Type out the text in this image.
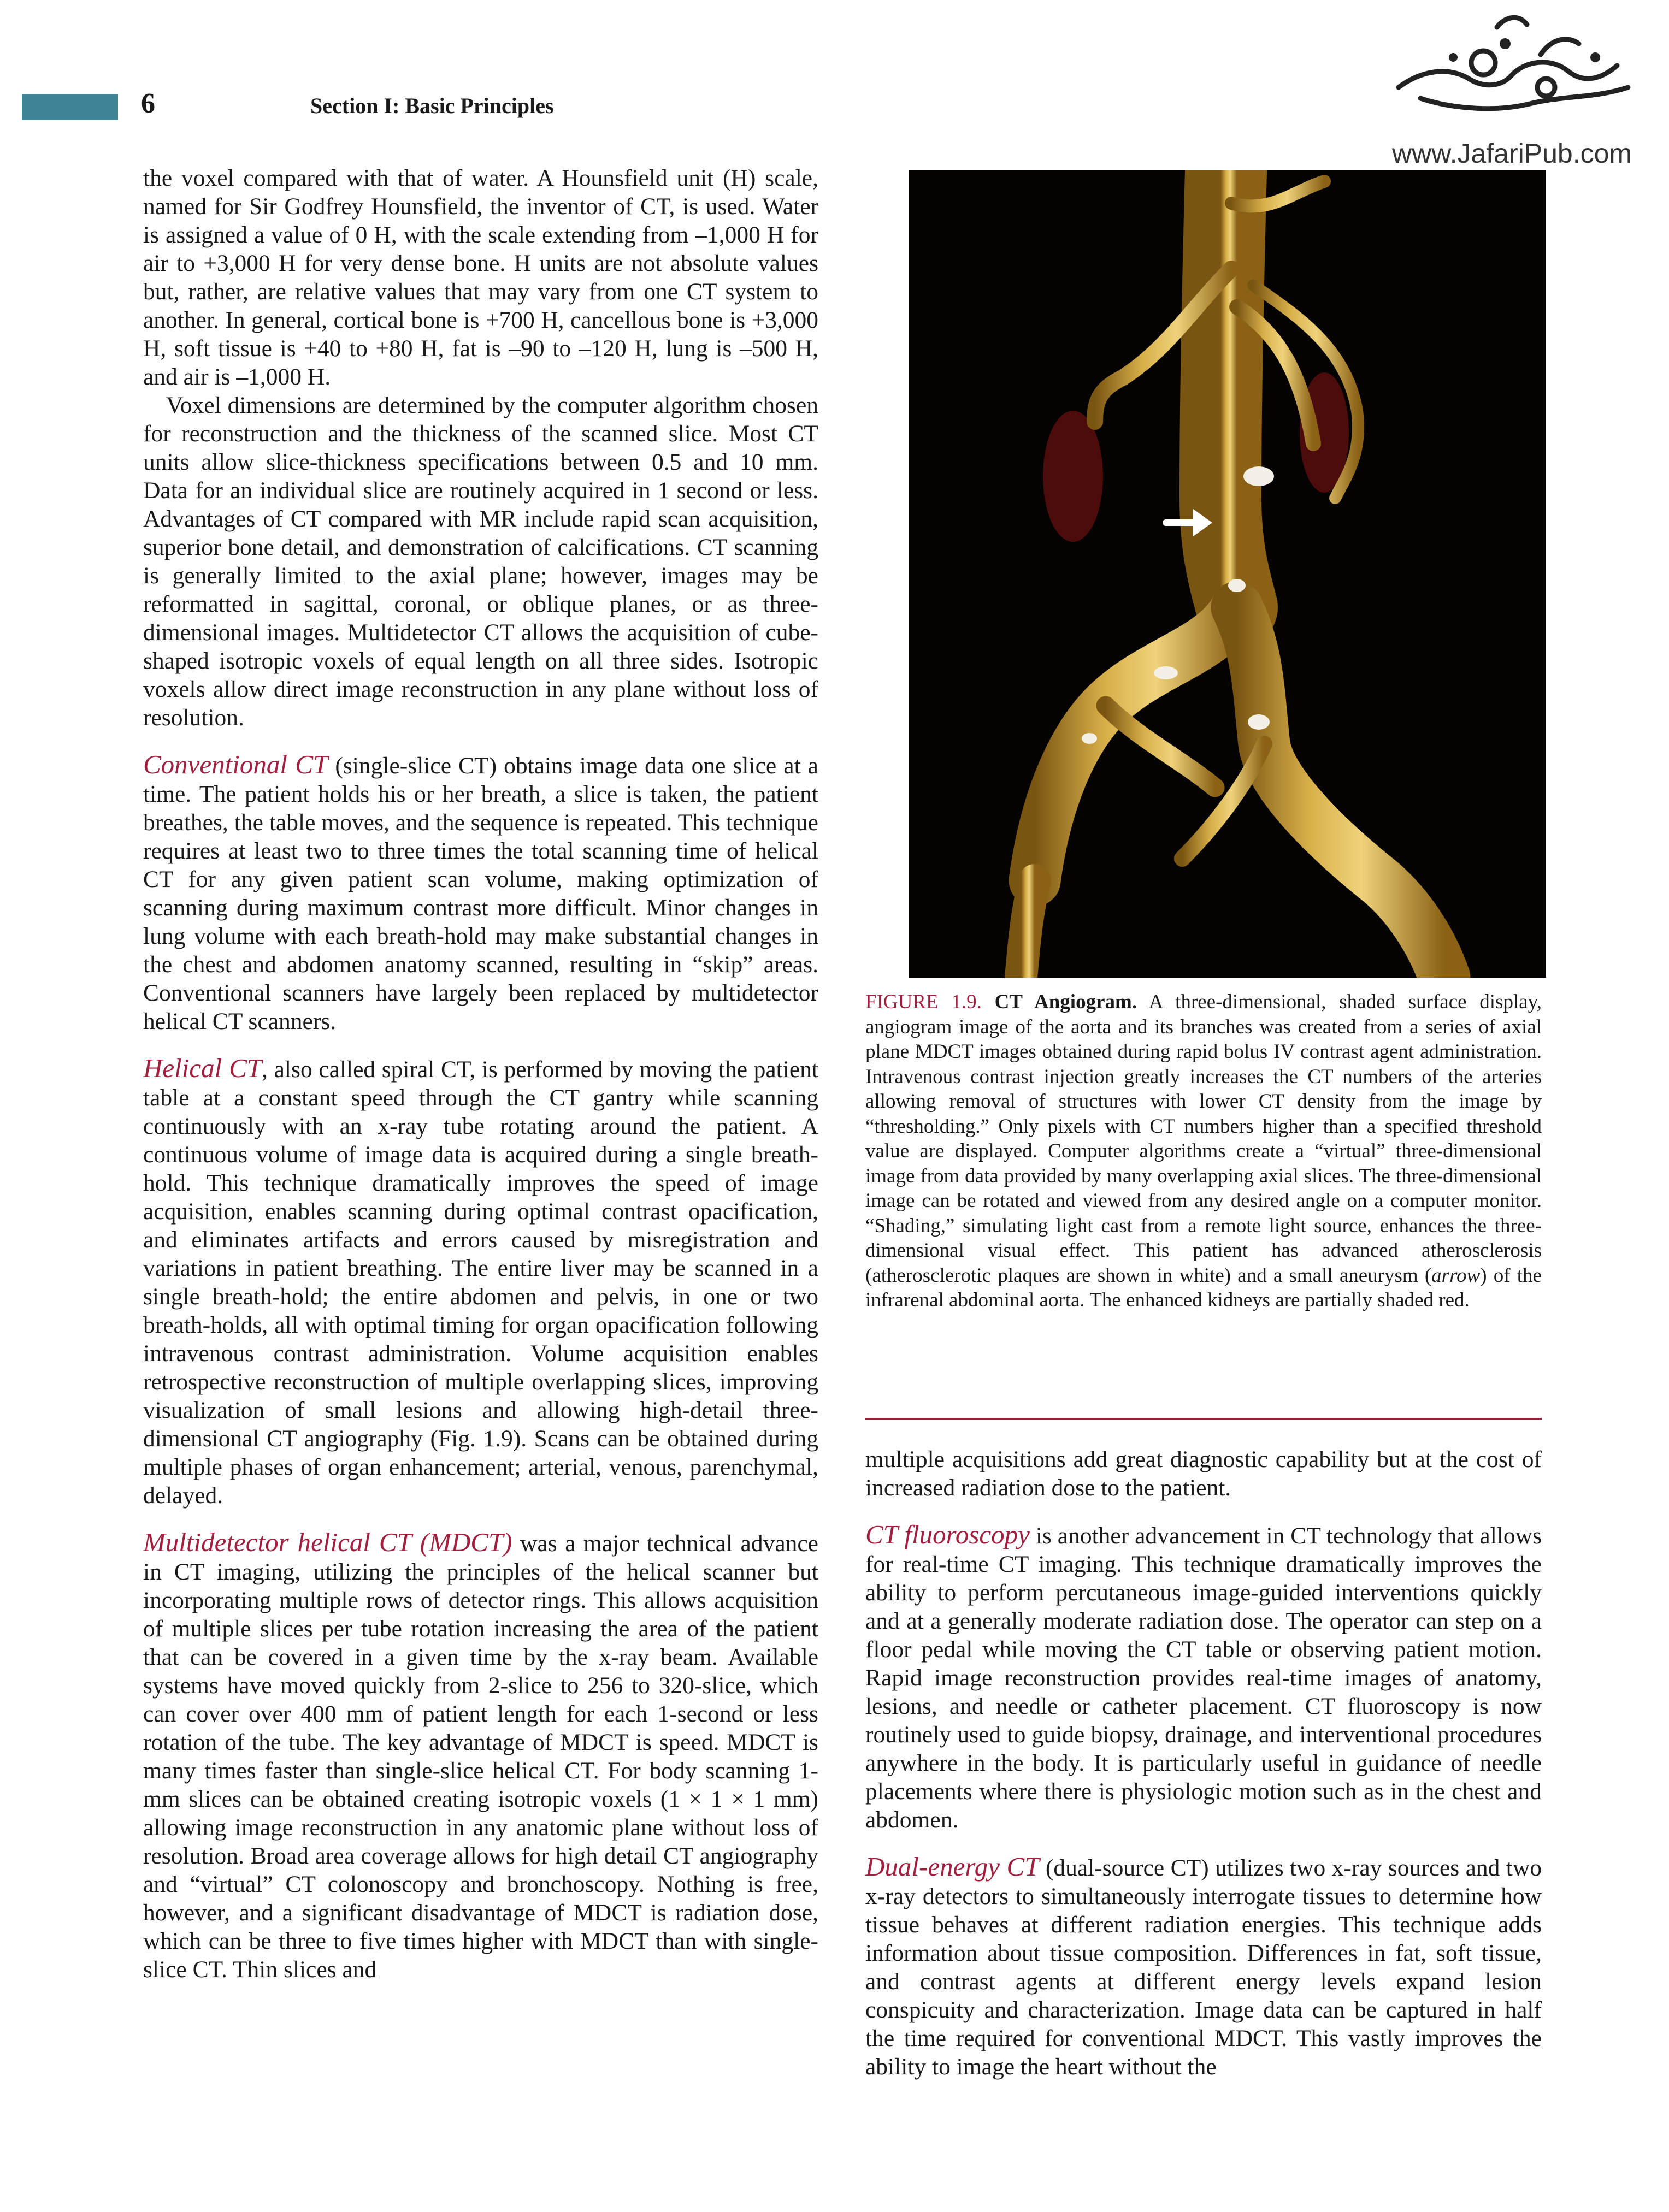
6	Section I: Basic Principles
www.JafariPub.com

the voxel compared with that of water. A Hounsfield unit (H) scale, named for Sir Godfrey Hounsfield, the inventor of CT, is used. Water is assigned a value of 0 H, with the scale extending from –1,000 H for air to +3,000 H for very dense bone. H units are not absolute values but, rather, are relative values that may vary from one CT system to another. In general, cortical bone is +700 H, cancellous bone is +3,000 H, soft tissue is +40 to +80 H, fat is –90 to –120 H, lung is –500 H, and air is –1,000 H.

Voxel dimensions are determined by the computer algorithm chosen for reconstruction and the thickness of the scanned slice. Most CT units allow slice-thickness specifications between 0.5 and 10 mm. Data for an individual slice are routinely acquired in 1 second or less. Advantages of CT compared with MR include rapid scan acquisition, superior bone detail, and demonstration of calcifications. CT scanning is generally limited to the axial plane; however, images may be reformatted in sagittal, coronal, or oblique planes, or as three-dimensional images. Multidetector CT allows the acquisition of cube-shaped isotropic voxels of equal length on all three sides. Isotropic voxels allow direct image reconstruction in any plane without loss of resolution.

Conventional CT (single-slice CT) obtains image data one slice at a time. The patient holds his or her breath, a slice is taken, the patient breathes, the table moves, and the sequence is repeated. This technique requires at least two to three times the total scanning time of helical CT for any given patient scan volume, making optimization of scanning during maximum contrast more difficult. Minor changes in lung volume with each breath-hold may make substantial changes in the chest and abdomen anatomy scanned, resulting in “skip” areas. Conventional scanners have largely been replaced by multidetector helical CT scanners.

Helical CT, also called spiral CT, is performed by moving the patient table at a constant speed through the CT gantry while scanning continuously with an x-ray tube rotating around the patient. A continuous volume of image data is acquired during a single breath-hold. This technique dramatically improves the speed of image acquisition, enables scanning during optimal contrast opacification, and eliminates artifacts and errors caused by misregistration and variations in patient breathing. The entire liver may be scanned in a single breath-hold; the entire abdomen and pelvis, in one or two breath-holds, all with optimal timing for organ opacification following intravenous contrast administration. Volume acquisition enables retrospective reconstruction of multiple overlapping slices, improving visualization of small lesions and allowing high-detail three-dimensional CT angiography (Fig. 1.9). Scans can be obtained during multiple phases of organ enhancement; arterial, venous, parenchymal, delayed.

Multidetector helical CT (MDCT) was a major technical advance in CT imaging, utilizing the principles of the helical scanner but incorporating multiple rows of detector rings. This allows acquisition of multiple slices per tube rotation increasing the area of the patient that can be covered in a given time by the x-ray beam. Available systems have moved quickly from 2-slice to 256 to 320-slice, which can cover over 400 mm of patient length for each 1-second or less rotation of the tube. The key advantage of MDCT is speed. MDCT is many times faster than single-slice helical CT. For body scanning 1-mm slices can be obtained creating isotropic voxels (1 × 1 × 1 mm) allowing image reconstruction in any anatomic plane without loss of resolution. Broad area coverage allows for high detail CT angiography and “virtual” CT colonoscopy and bronchoscopy. Nothing is free, however, and a significant disadvantage of MDCT is radiation dose, which can be three to five times higher with MDCT than with single-slice CT. Thin slices and

FIGURE 1.9. CT Angiogram. A three-dimensional, shaded surface display, angiogram image of the aorta and its branches was created from a series of axial plane MDCT images obtained during rapid bolus IV contrast agent administration. Intravenous contrast injection greatly increases the CT numbers of the arteries allowing removal of structures with lower CT density from the image by “thresholding.” Only pixels with CT numbers higher than a specified threshold value are displayed. Computer algorithms create a “virtual” three-dimensional image from data provided by many overlapping axial slices. The three-dimensional image can be rotated and viewed from any desired angle on a computer monitor. “Shading,” simulating light cast from a remote light source, enhances the three-dimensional visual effect. This patient has advanced atherosclerosis (atherosclerotic plaques are shown in white) and a small aneurysm (arrow) of the infrarenal abdominal aorta. The enhanced kidneys are partially shaded red.

multiple acquisitions add great diagnostic capability but at the cost of increased radiation dose to the patient.

CT fluoroscopy is another advancement in CT technology that allows for real-time CT imaging. This technique dramatically improves the ability to perform percutaneous image-guided interventions quickly and at a generally moderate radiation dose. The operator can step on a floor pedal while moving the CT table or observing patient motion. Rapid image reconstruction provides real-time images of anatomy, lesions, and needle or catheter placement. CT fluoroscopy is now routinely used to guide biopsy, drainage, and interventional procedures anywhere in the body. It is particularly useful in guidance of needle placements where there is physiologic motion such as in the chest and abdomen.

Dual-energy CT (dual-source CT) utilizes two x-ray sources and two x-ray detectors to simultaneously interrogate tissues to determine how tissue behaves at different radiation energies. This technique adds information about tissue composition. Differences in fat, soft tissue, and contrast agents at different energy levels expand lesion conspicuity and characterization. Image data can be captured in half the time required for conventional MDCT. This vastly improves the ability to image the heart without the
